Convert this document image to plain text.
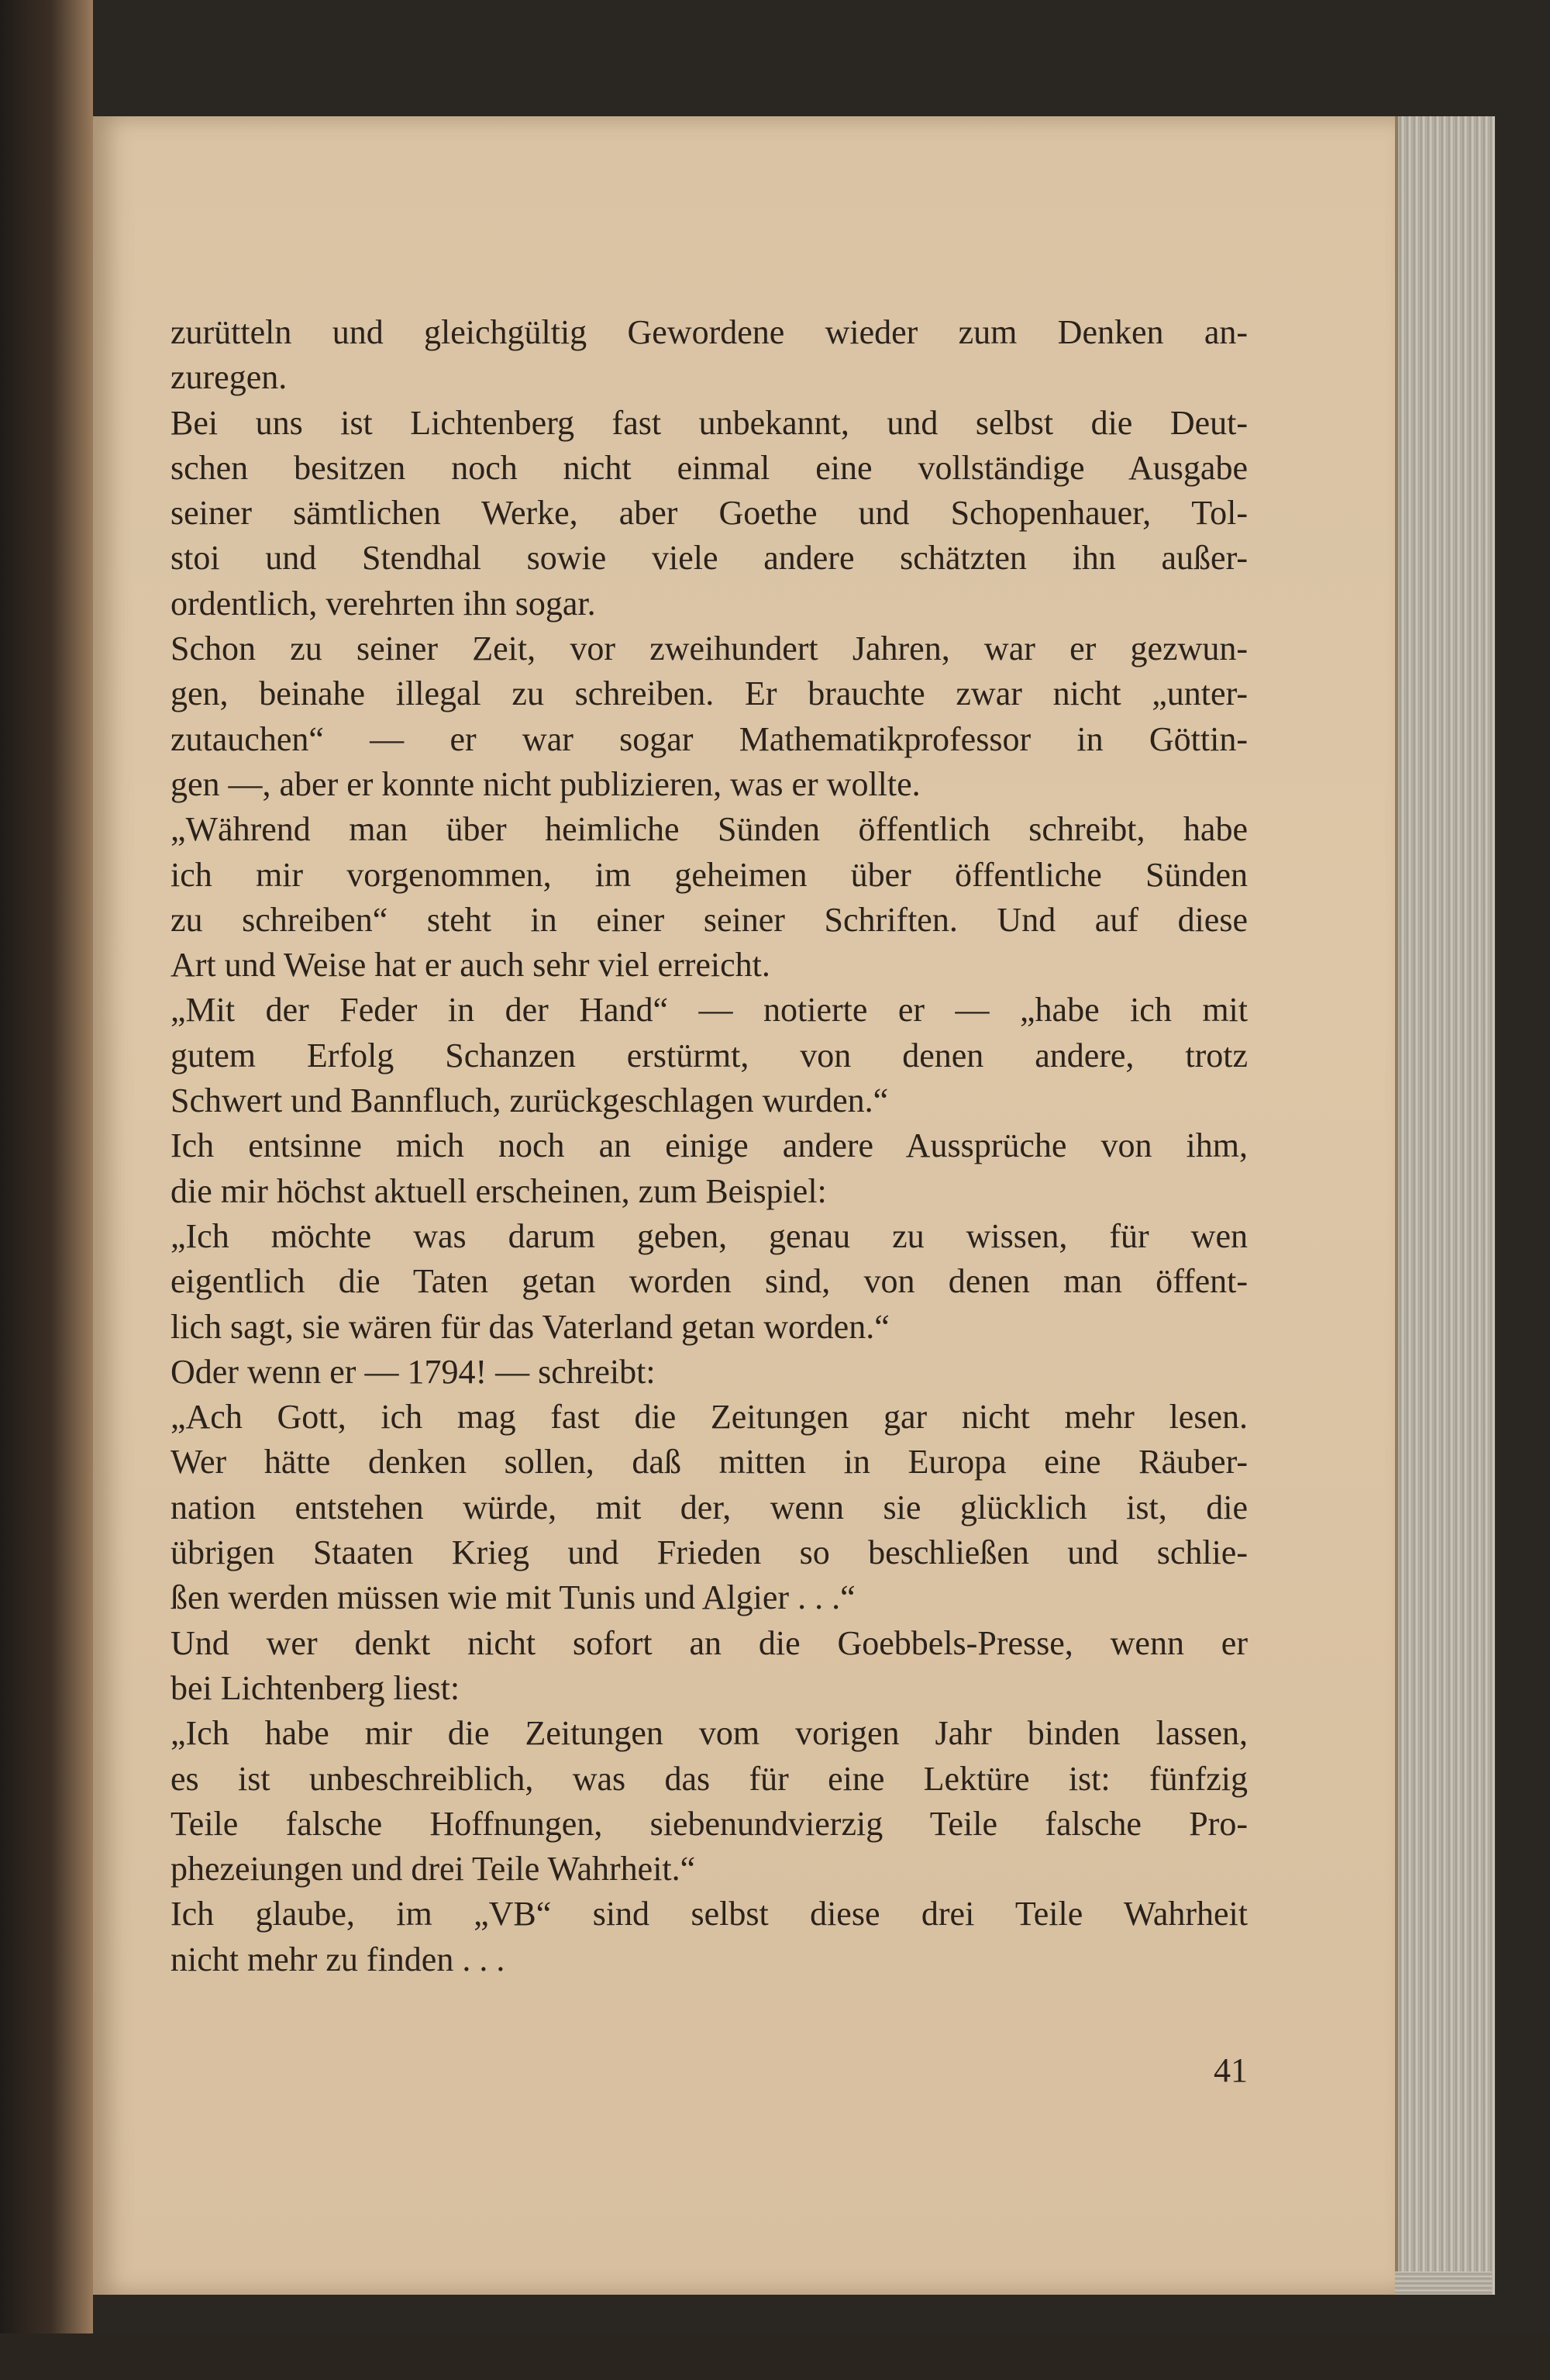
zurütteln und gleichgültig Gewordene wieder zum Denken an-
zuregen.
Bei uns ist Lichtenberg fast unbekannt, und selbst die Deut-
schen besitzen noch nicht einmal eine vollständige Ausgabe
seiner sämtlichen Werke, aber Goethe und Schopenhauer, Tol-
stoi und Stendhal sowie viele andere schätzten ihn außer-
ordentlich, verehrten ihn sogar.
Schon zu seiner Zeit, vor zweihundert Jahren, war er gezwun-
gen, beinahe illegal zu schreiben. Er brauchte zwar nicht „unter-
zutauchen“ — er war sogar Mathematikprofessor in Göttin-
gen —, aber er konnte nicht publizieren, was er wollte.
„Während man über heimliche Sünden öffentlich schreibt, habe
ich mir vorgenommen, im geheimen über öffentliche Sünden
zu schreiben“ steht in einer seiner Schriften. Und auf diese
Art und Weise hat er auch sehr viel erreicht.
„Mit der Feder in der Hand“ — notierte er — „habe ich mit
gutem Erfolg Schanzen erstürmt, von denen andere, trotz
Schwert und Bannfluch, zurückgeschlagen wurden.“
Ich entsinne mich noch an einige andere Aussprüche von ihm,
die mir höchst aktuell erscheinen, zum Beispiel:
„Ich möchte was darum geben, genau zu wissen, für wen
eigentlich die Taten getan worden sind, von denen man öffent-
lich sagt, sie wären für das Vaterland getan worden.“
Oder wenn er — 1794! — schreibt:
„Ach Gott, ich mag fast die Zeitungen gar nicht mehr lesen.
Wer hätte denken sollen, daß mitten in Europa eine Räuber-
nation entstehen würde, mit der, wenn sie glücklich ist, die
übrigen Staaten Krieg und Frieden so beschließen und schlie-
ßen werden müssen wie mit Tunis und Algier . . .“
Und wer denkt nicht sofort an die Goebbels-Presse, wenn er
bei Lichtenberg liest:
„Ich habe mir die Zeitungen vom vorigen Jahr binden lassen,
es ist unbeschreiblich, was das für eine Lektüre ist: fünfzig
Teile falsche Hoffnungen, siebenundvierzig Teile falsche Pro-
phezeiungen und drei Teile Wahrheit.“
Ich glaube, im „VB“ sind selbst diese drei Teile Wahrheit
nicht mehr zu finden . . .
41
